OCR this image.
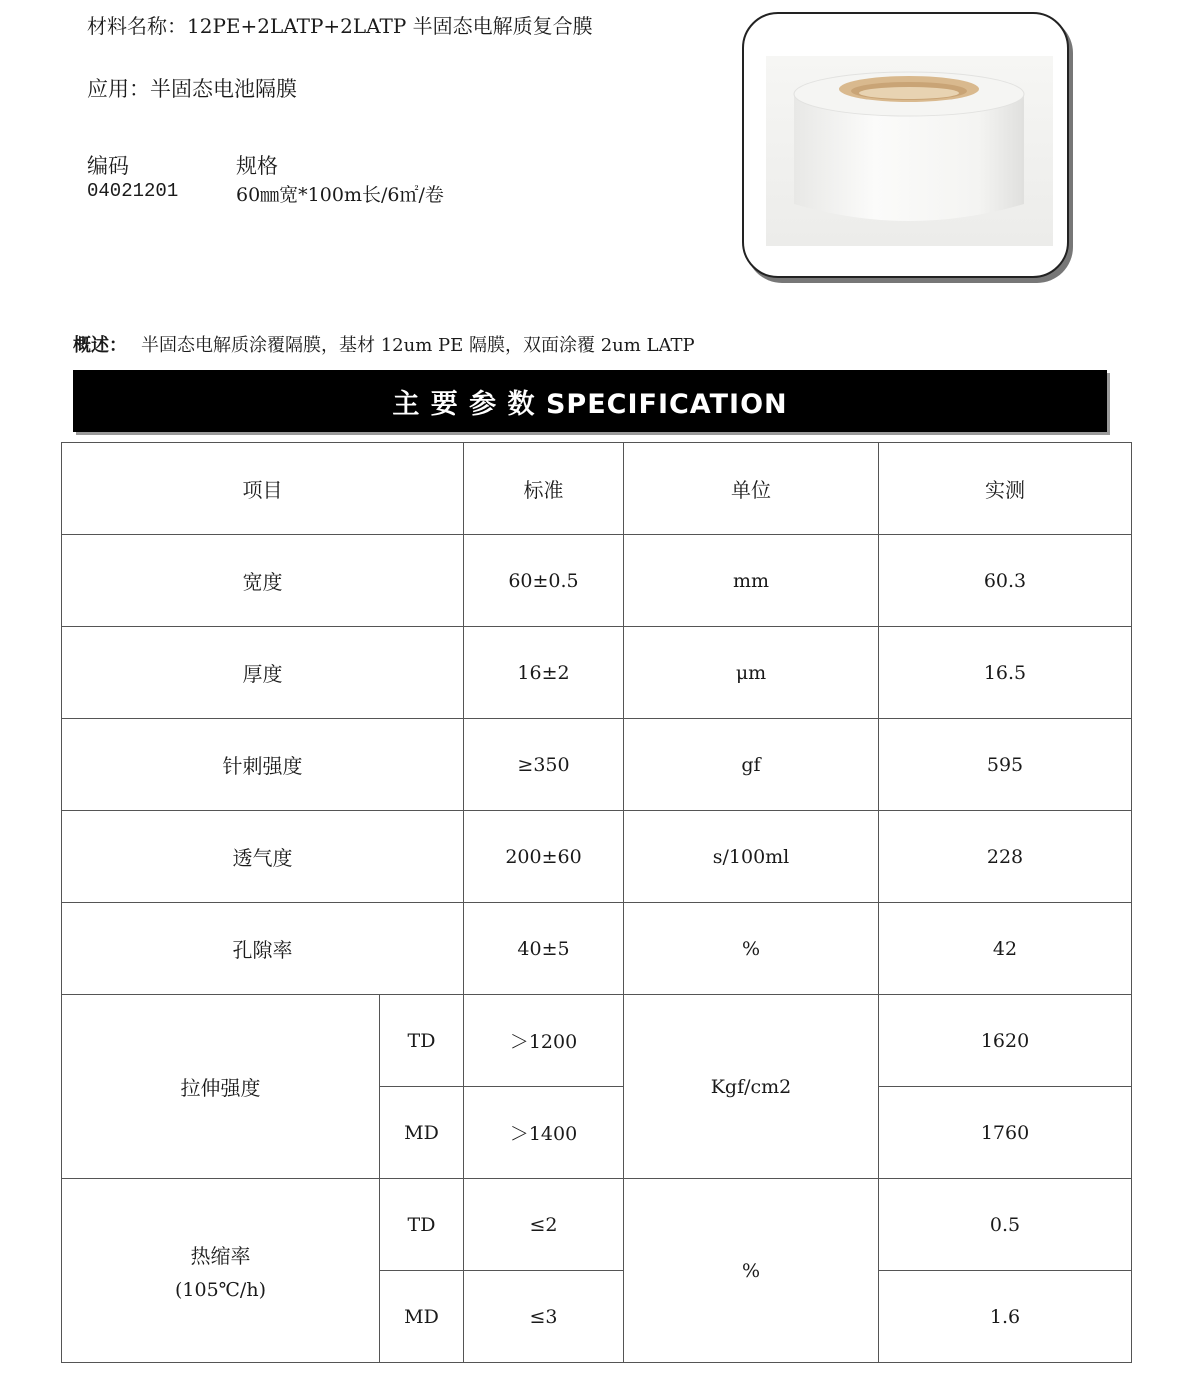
材料名称：12PE+2LATP+2LATP 半固态电解质复合膜
应用：半固态电池隔膜
编码	规格
04021201	60㎜宽*100m长/6㎡/卷
概述： 半固态电解质涂覆隔膜，基材 12um PE 隔膜，双面涂覆 2um LATP
主 要 参 数 SPECIFICATION
项目		标准	单位	实测
宽度		60±0.5	mm	60.3
厚度		16±2	μm	16.5
针刺强度		≥350	gf	595
透气度		200±60	s/100ml	228
孔隙率		40±5	%	42
拉伸强度	TD	＞1200	Kgf/cm2	1620
	MD	＞1400		1760

热缩率
(105℃/h)	TD	≤2	%	0.5
	MD	≤3		1.6
